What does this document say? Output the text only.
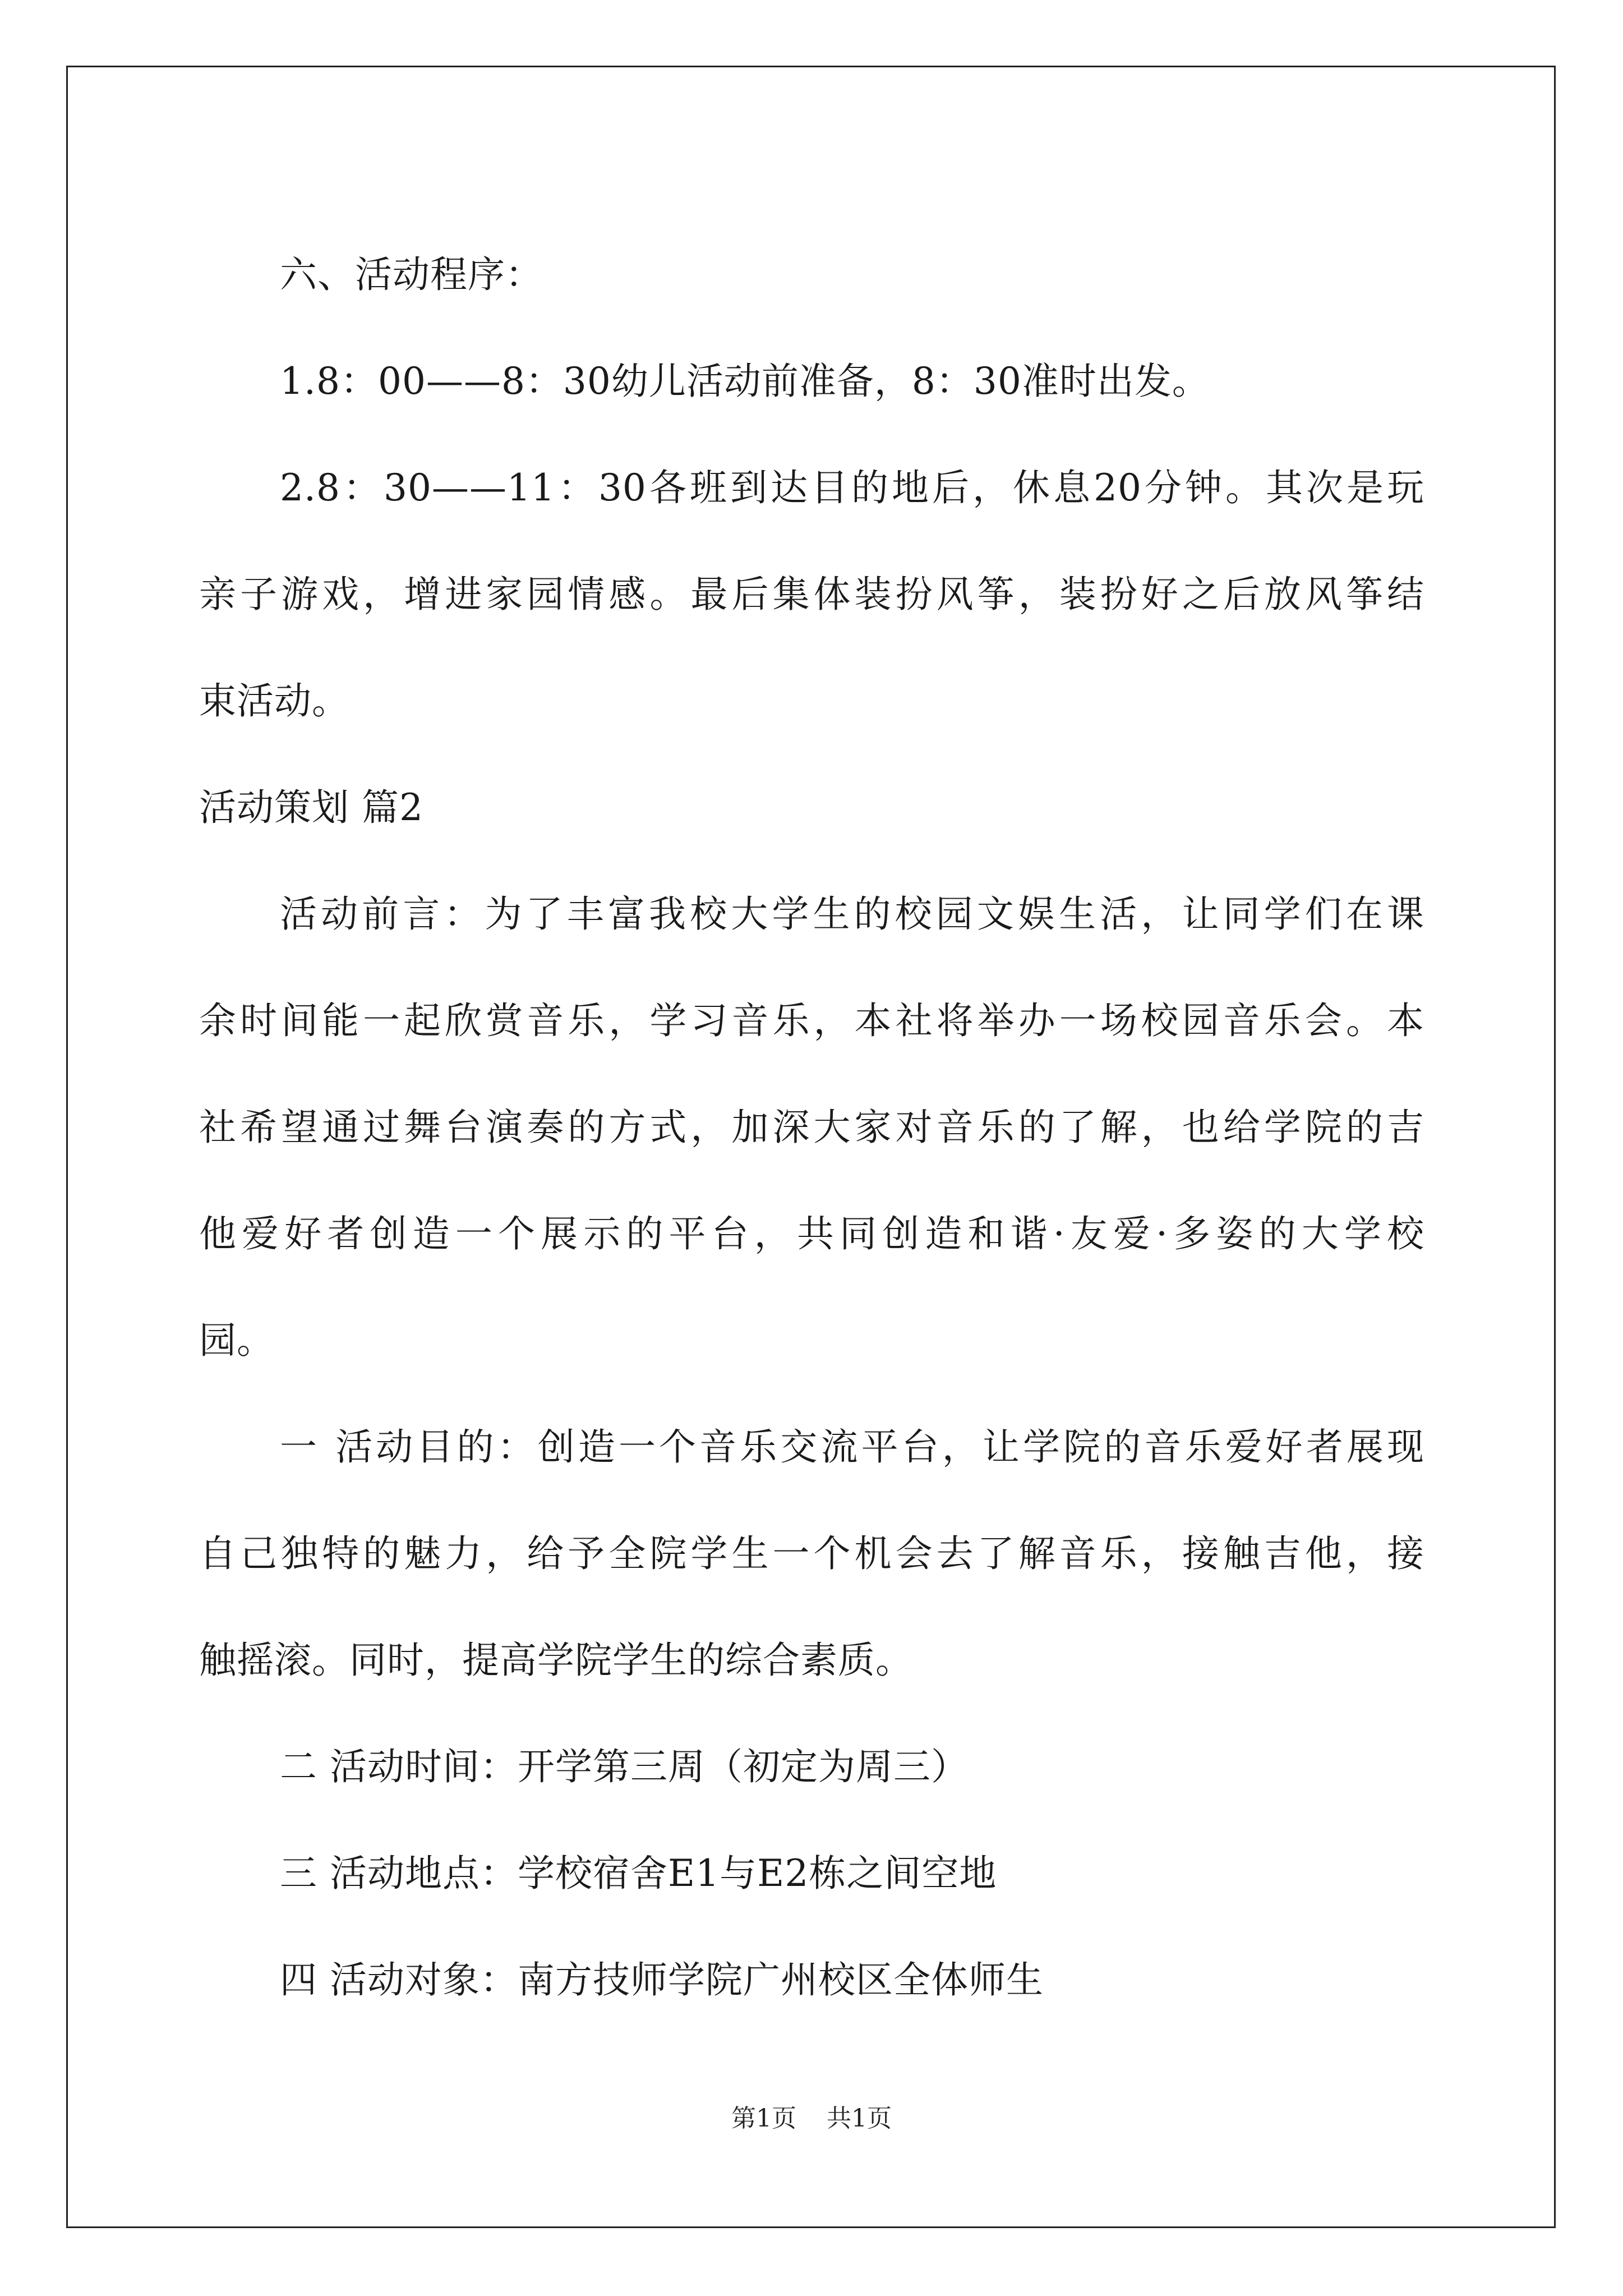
六、活动程序：
1.8：00——8：30幼儿活动前准备，8：30准时出发。
2.8：30——11：30各班到达目的地后，休息20分钟。其次是玩
亲子游戏，增进家园情感。最后集体装扮风筝，装扮好之后放风筝结
束活动。
活动策划 篇2
活动前言：为了丰富我校大学生的校园文娱生活，让同学们在课
余时间能一起欣赏音乐，学习音乐，本社将举办一场校园音乐会。本
社希望通过舞台演奏的方式，加深大家对音乐的了解，也给学院的吉
他爱好者创造一个展示的平台，共同创造和谐·友爱·多姿的大学校
园。
一 活动目的：创造一个音乐交流平台，让学院的音乐爱好者展现
自己独特的魅力，给予全院学生一个机会去了解音乐，接触吉他，接
触摇滚。同时，提高学院学生的综合素质。
二 活动时间：开学第三周（初定为周三）
三 活动地点：学校宿舍E1与E2栋之间空地
四 活动对象：南方技师学院广州校区全体师生
第1页 共1页
